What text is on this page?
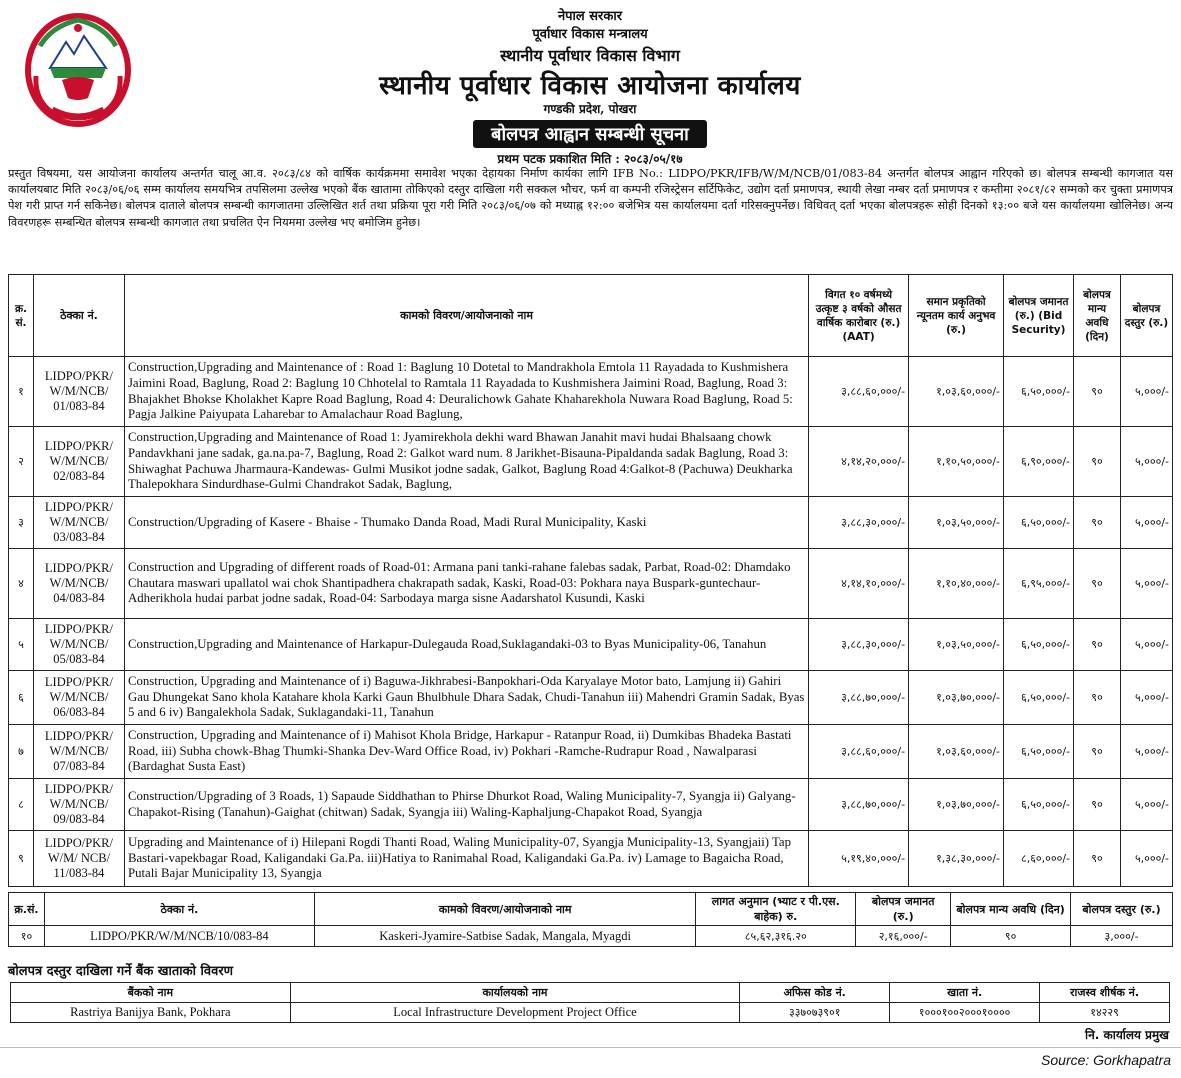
नेपाल सरकार
पूर्वाधार विकास मन्त्रालय
स्थानीय पूर्वाधार विकास विभाग
स्थानीय पूर्वाधार विकास आयोजना कार्यालय
गण्डकी प्रदेश, पोखरा
बोलपत्र आह्वान सम्बन्धी सूचना
प्रथम पटक प्रकाशित मिति : २०८३/०५/१७
प्रस्तुत विषयमा, यस आयोजना कार्यालय अन्तर्गत चालू आ.व. २०८३/८४ को वार्षिक कार्यक्रममा समावेश भएका देहायका निर्माण कार्यका लागि IFB No.: LIDPO/PKR/IFB/W/M/NCB/01/083-84 अन्तर्गत बोलपत्र आह्वान गरिएको छ। बोलपत्र सम्बन्धी कागजात यस कार्यालयबाट मिति २०८३/०६/०६ सम्म कार्यालय समयभित्र तपसिलमा उल्लेख भएको बैंक खातामा तोकिएको दस्तुर दाखिला गरी सक्कल भौचर, फर्म वा कम्पनी रजिस्ट्रेसन सर्टिफिकेट, उद्योग दर्ता प्रमाणपत्र, स्थायी लेखा नम्बर दर्ता प्रमाणपत्र र कम्तीमा २०८१/८२ सम्मको कर चुक्ता प्रमाणपत्र पेश गरी प्राप्त गर्न सकिनेछ। बोलपत्र दाताले बोलपत्र सम्बन्धी कागजातमा उल्लिखित शर्त तथा प्रक्रिया पूरा गरी मिति २०८३/०६/०७ को मध्याह्न १२:०० बजेभित्र यस कार्यालयमा दर्ता गरिसक्नुपर्नेछ। विधिवत् दर्ता भएका बोलपत्रहरू सोही दिनको १३:०० बजे यस कार्यालयमा खोलिनेछ। अन्य विवरणहरू सम्बन्धित बोलपत्र सम्बन्धी कागजात तथा प्रचलित ऐन नियममा उल्लेख भए बमोजिम हुनेछ।
क्र. सं.	ठेक्का नं.	कामको विवरण/आयोजनाको नाम	विगत १० वर्षमध्ये उत्कृष्ट ३ वर्षको औसत वार्षिक कारोबार (रु.) (AAT)	समान प्रकृतिको न्यूनतम कार्य अनुभव (रु.)	बोलपत्र जमानत (रु.) (Bid Security)	बोलपत्र मान्य अवधि (दिन)	बोलपत्र दस्तुर (रु.)
१	LIDPO/PKR/ W/M/NCB/ 01/083-84	Construction,Upgrading and Maintenance of : Road 1: Baglung 10 Dotetal to Mandrakhola Emtola 11 Rayadada to Kushmishera Jaimini Road, Baglung, Road 2: Baglung 10 Chhotelal to Ramtala 11 Rayadada to Kushmishera Jaimini Road, Baglung, Road 3: Bhajakhet Bhokse Kholakhet Kapre Road Baglung, Road 4: Deuralichowk Gahate Khaharekhola Nuwara Road Baglung, Road 5: Pagja Jalkine Paiyupata Laharebar to Amalachaur Road Baglung,	३,८८,६०,०००/-	१,०३,६०,०००/-	६,५०,०००/-	९०	५,०००/-
२	LIDPO/PKR/ W/M/NCB/ 02/083-84	Construction,Upgrading and Maintenance of Road 1: Jyamirekhola dekhi ward Bhawan Janahit mavi hudai Bhalsaang chowk Pandavkhani jane sadak, ga.na.pa-7, Baglung, Road 2: Galkot ward num. 8 Jarikhet-Bisauna-Pipaldanda sadak Baglung, Road 3: Shiwaghat Pachuwa Jharmaura-Kandewas- Gulmi Musikot jodne sadak, Galkot, Baglung Road 4:Galkot-8 (Pachuwa) Deukharka Thalepokhara Sindurdhase-Gulmi Chandrakot Sadak, Baglung,	४,१४,२०,०००/-	१,१०,५०,०००/-	६,९०,०००/-	९०	५,०००/-
३	LIDPO/PKR/ W/M/NCB/ 03/083-84	Construction/Upgrading of Kasere - Bhaise - Thumako Danda Road, Madi Rural Municipality, Kaski	३,८८,३०,०००/-	१,०३,५०,०००/-	६,५०,०००/-	९०	५,०००/-
४	LIDPO/PKR/ W/M/NCB/ 04/083-84	Construction and Upgrading of different roads of Road-01: Armana pani tanki-rahane falebas sadak, Parbat, Road-02: Dhamdako Chautara maswari upallatol wai chok Shantipadhera chakrapath sadak, Kaski, Road-03: Pokhara naya Buspark-guntechaur-Adherikhola hudai parbat jodne sadak, Road-04: Sarbodaya marga sisne Aadarshatol Kusundi, Kaski	४,१४,१०,०००/-	१,१०,४०,०००/-	६,९५,०००/-	९०	५,०००/-
५	LIDPO/PKR/ W/M/NCB/ 05/083-84	Construction,Upgrading and Maintenance of Harkapur-Dulegauda Road,Suklagandaki-03 to Byas Municipality-06, Tanahun	३,८८,३०,०००/-	१,०३,५०,०००/-	६,५०,०००/-	९०	५,०००/-
६	LIDPO/PKR/ W/M/NCB/ 06/083-84	Construction, Upgrading and Maintenance of i) Baguwa-Jikhrabesi-Banpokhari-Oda Karyalaye Motor bato, Lamjung ii) Gahiri Gau Dhungekat Sano khola Katahare khola Karki Gaun Bhulbhule Dhara Sadak, Chudi-Tanahun iii) Mahendri Gramin Sadak, Byas 5 and 6 iv) Bangalekhola Sadak, Suklagandaki-11, Tanahun	३,८८,७०,०००/-	१,०३,७०,०००/-	६,५०,०००/-	९०	५,०००/-
७	LIDPO/PKR/ W/M/NCB/ 07/083-84	Construction, Upgrading and Maintenance of i) Mahisot Khola Bridge, Harkapur - Ratanpur Road, ii) Dumkibas Bhadeka Bastati Road, iii) Subha chowk-Bhag Thumki-Shanka Dev-Ward Office Road, iv) Pokhari -Ramche-Rudrapur Road , Nawalparasi (Bardaghat Susta East)	३,८८,६०,०००/-	१,०३,६०,०००/-	६,५०,०००/-	९०	५,०००/-
८	LIDPO/PKR/ W/M/NCB/ 09/083-84	Construction/Upgrading of 3 Roads, 1) Sapaude Siddhathan to Phirse Dhurkot Road, Waling Municipality-7, Syangja ii) Galyang-Chapakot-Rising (Tanahun)-Gaighat (chitwan) Sadak, Syangja iii) Waling-Kaphaljung-Chapakot Road, Syangja	३,८८,७०,०००/-	१,०३,७०,०००/-	६,५०,०००/-	९०	५,०००/-
९	LIDPO/PKR/ W/M/ NCB/ 11/083-84	Upgrading and Maintenance of i) Hilepani Rogdi Thanti Road, Waling Municipality-07, Syangja Municipality-13, Syangjaii) Tap Bastari-vapekbagar Road, Kaligandaki Ga.Pa. iii)Hatiya to Ranimahal Road, Kaligandaki Ga.Pa. iv) Lamage to Bagaicha Road, Putali Bajar Municipality 13, Syangja	५,१९,४०,०००/-	१,३८,३०,०००/-	८,६०,०००/-	९०	५,०००/-
क्र.सं.	ठेक्का नं.	कामको विवरण/आयोजनाको नाम	लागत अनुमान (भ्याट र पी.एस. बाहेक) रु.	बोलपत्र जमानत (रु.)	बोलपत्र मान्य अवधि (दिन)	बोलपत्र दस्तुर (रु.)
१०	LIDPO/PKR/W/M/NCB/10/083-84	Kaskeri-Jyamire-Satbise Sadak, Mangala, Myagdi	८५,६२,३१६.२०	२,१६,०००/-	९०	३,०००/-
बोलपत्र दस्तुर दाखिला गर्ने बैंक खाताको विवरण
बैंकको नाम	कार्यालयको नाम	अफिस कोड नं.	खाता नं.	राजस्व शीर्षक नं.
Rastriya Banijya Bank, Pokhara	Local Infrastructure Development Project Office	३३७०७३९०१	१०००१००२०००१००००	१४२२९
नि. कार्यालय प्रमुख
Source: Gorkhapatra
